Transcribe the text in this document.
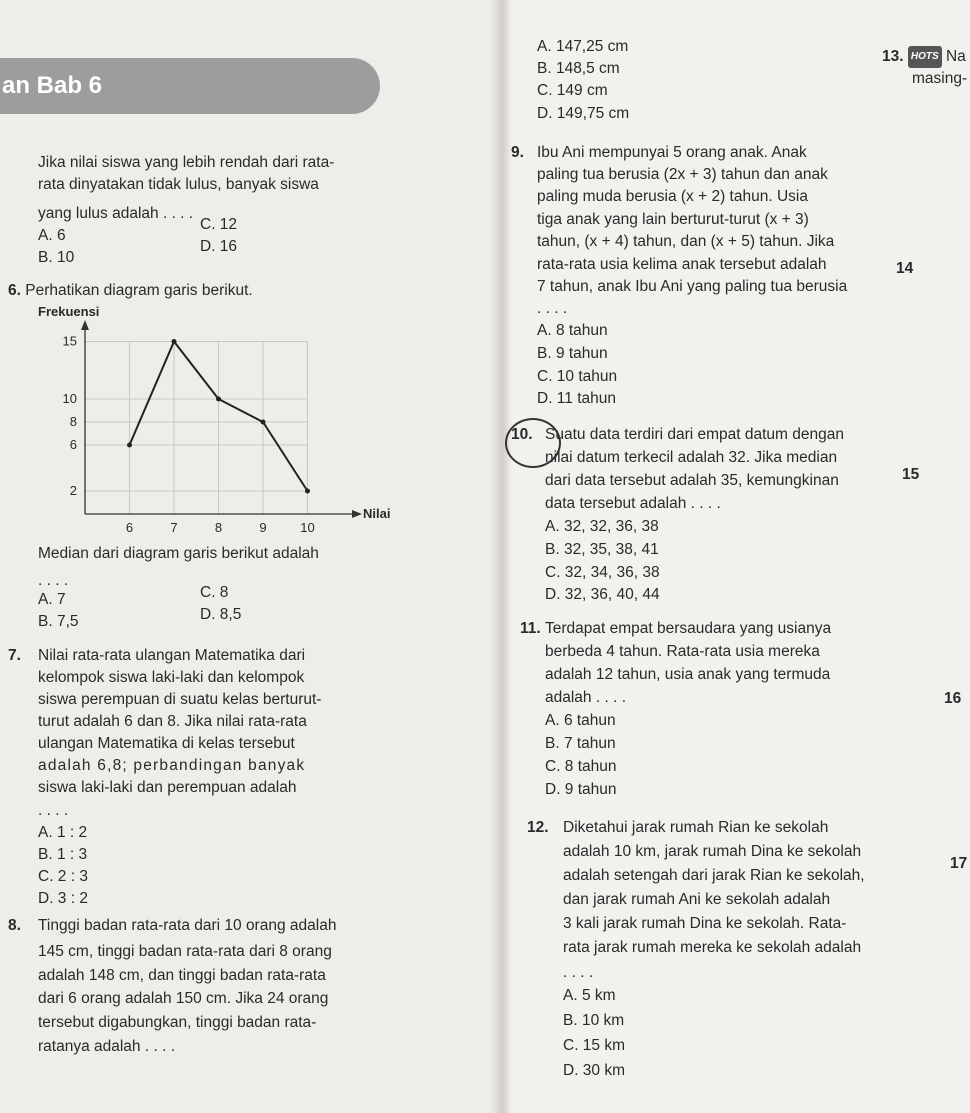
an Bab 6
Jika nilai siswa yang lebih rendah dari rata-
rata dinyatakan tidak lulus, banyak siswa
yang lulus adalah . . . .
A. 6
B. 10
C. 12
D. 16
6. Perhatikan diagram garis berikut.
Frekuensi
Nilai
2
6
8
10
15
6	7	8	9	10
Median dari diagram garis berikut adalah
. . . .
A. 7
B. 7,5
C. 8
D. 8,5
7. Nilai rata-rata ulangan Matematika dari
kelompok siswa laki-laki dan kelompok
siswa perempuan di suatu kelas berturut-
turut adalah 6 dan 8. Jika nilai rata-rata
ulangan Matematika di kelas tersebut
adalah 6,8; perbandingan banyak
siswa laki-laki dan perempuan adalah
. . . .
A. 1 : 2
B. 1 : 3
C. 2 : 3
D. 3 : 2
8. Tinggi badan rata-rata dari 10 orang adalah
145 cm, tinggi badan rata-rata dari 8 orang
adalah 148 cm, dan tinggi badan rata-rata
dari 6 orang adalah 150 cm. Jika 24 orang
tersebut digabungkan, tinggi badan rata-
ratanya adalah . . . .
A. 147,25 cm
B. 148,5 cm
C. 149 cm
D. 149,75 cm
9. Ibu Ani mempunyai 5 orang anak. Anak
paling tua berusia (2x + 3) tahun dan anak
paling muda berusia (x + 2) tahun. Usia
tiga anak yang lain berturut-turut (x + 3)
tahun, (x + 4) tahun, dan (x + 5) tahun. Jika
rata-rata usia kelima anak tersebut adalah
7 tahun, anak Ibu Ani yang paling tua berusia
. . . .
A. 8 tahun
B. 9 tahun
C. 10 tahun
D. 11 tahun
10. Suatu data terdiri dari empat datum dengan
nilai datum terkecil adalah 32. Jika median
dari data tersebut adalah 35, kemungkinan
data tersebut adalah . . . .
A. 32, 32, 36, 38
B. 32, 35, 38, 41
C. 32, 34, 36, 38
D. 32, 36, 40, 44
11. Terdapat empat bersaudara yang usianya
berbeda 4 tahun. Rata-rata usia mereka
adalah 12 tahun, usia anak yang termuda
adalah . . . .
A. 6 tahun
B. 7 tahun
C. 8 tahun
D. 9 tahun
12. Diketahui jarak rumah Rian ke sekolah
adalah 10 km, jarak rumah Dina ke sekolah
adalah setengah dari jarak Rian ke sekolah,
dan jarak rumah Ani ke sekolah adalah
3 kali jarak rumah Dina ke sekolah. Rata-
rata jarak rumah mereka ke sekolah adalah
. . . .
A. 5 km
B. 10 km
C. 15 km
D. 30 km
13. HOTS Na
masing-
14
15
16
17
